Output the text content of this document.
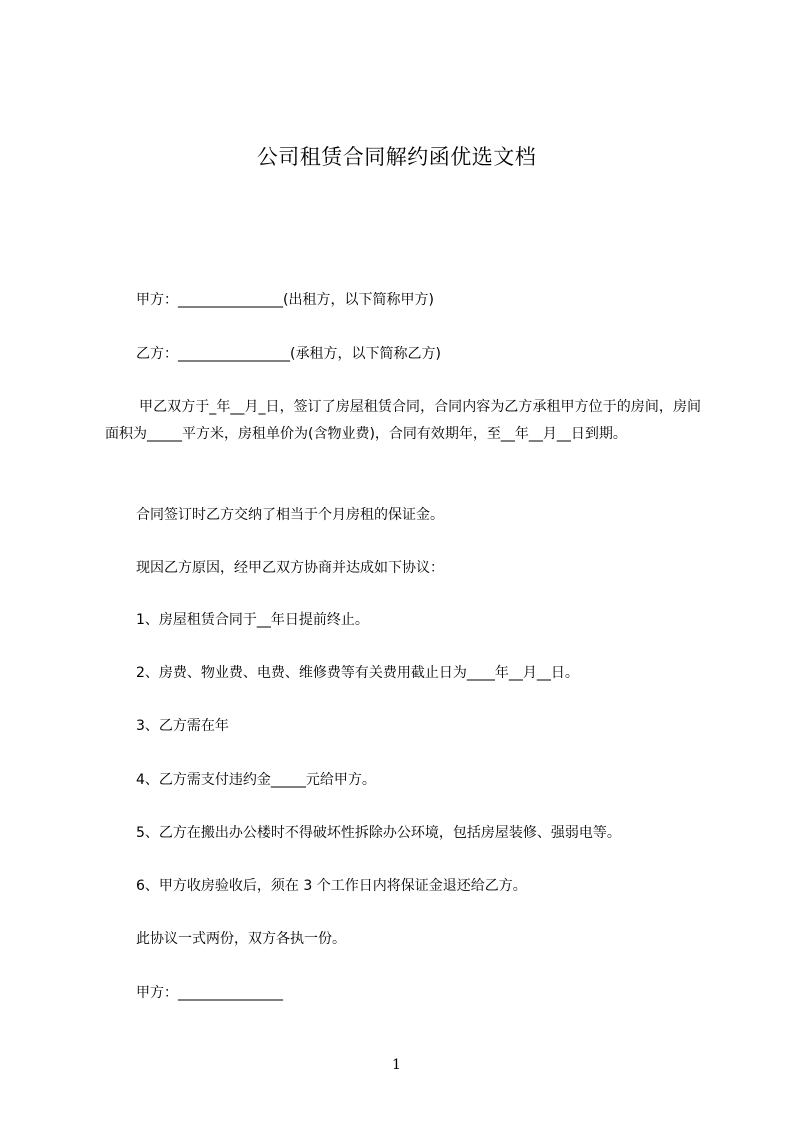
公司租赁合同解约函优选文档
甲方：_______________(出租方，以下简称甲方)
乙方：________________(承租方，以下简称乙方)
甲乙双方于_年__月_日，签订了房屋租赁合同，合同内容为乙方承租甲方位于的房间，房间面积为_____平方米，房租单价为(含物业费)，合同有效期年，至__年__月__日到期。
合同签订时乙方交纳了相当于个月房租的保证金。
现因乙方原因，经甲乙双方协商并达成如下协议：
1、房屋租赁合同于__年日提前终止。
2、房费、物业费、电费、维修费等有关费用截止日为____年__月__日。
3、乙方需在年
4、乙方需支付违约金_____元给甲方。
5、乙方在搬出办公楼时不得破坏性拆除办公环境，包括房屋装修、强弱电等。
6、甲方收房验收后，须在 3 个工作日内将保证金退还给乙方。
此协议一式两份，双方各执一份。
甲方：_______________
1
